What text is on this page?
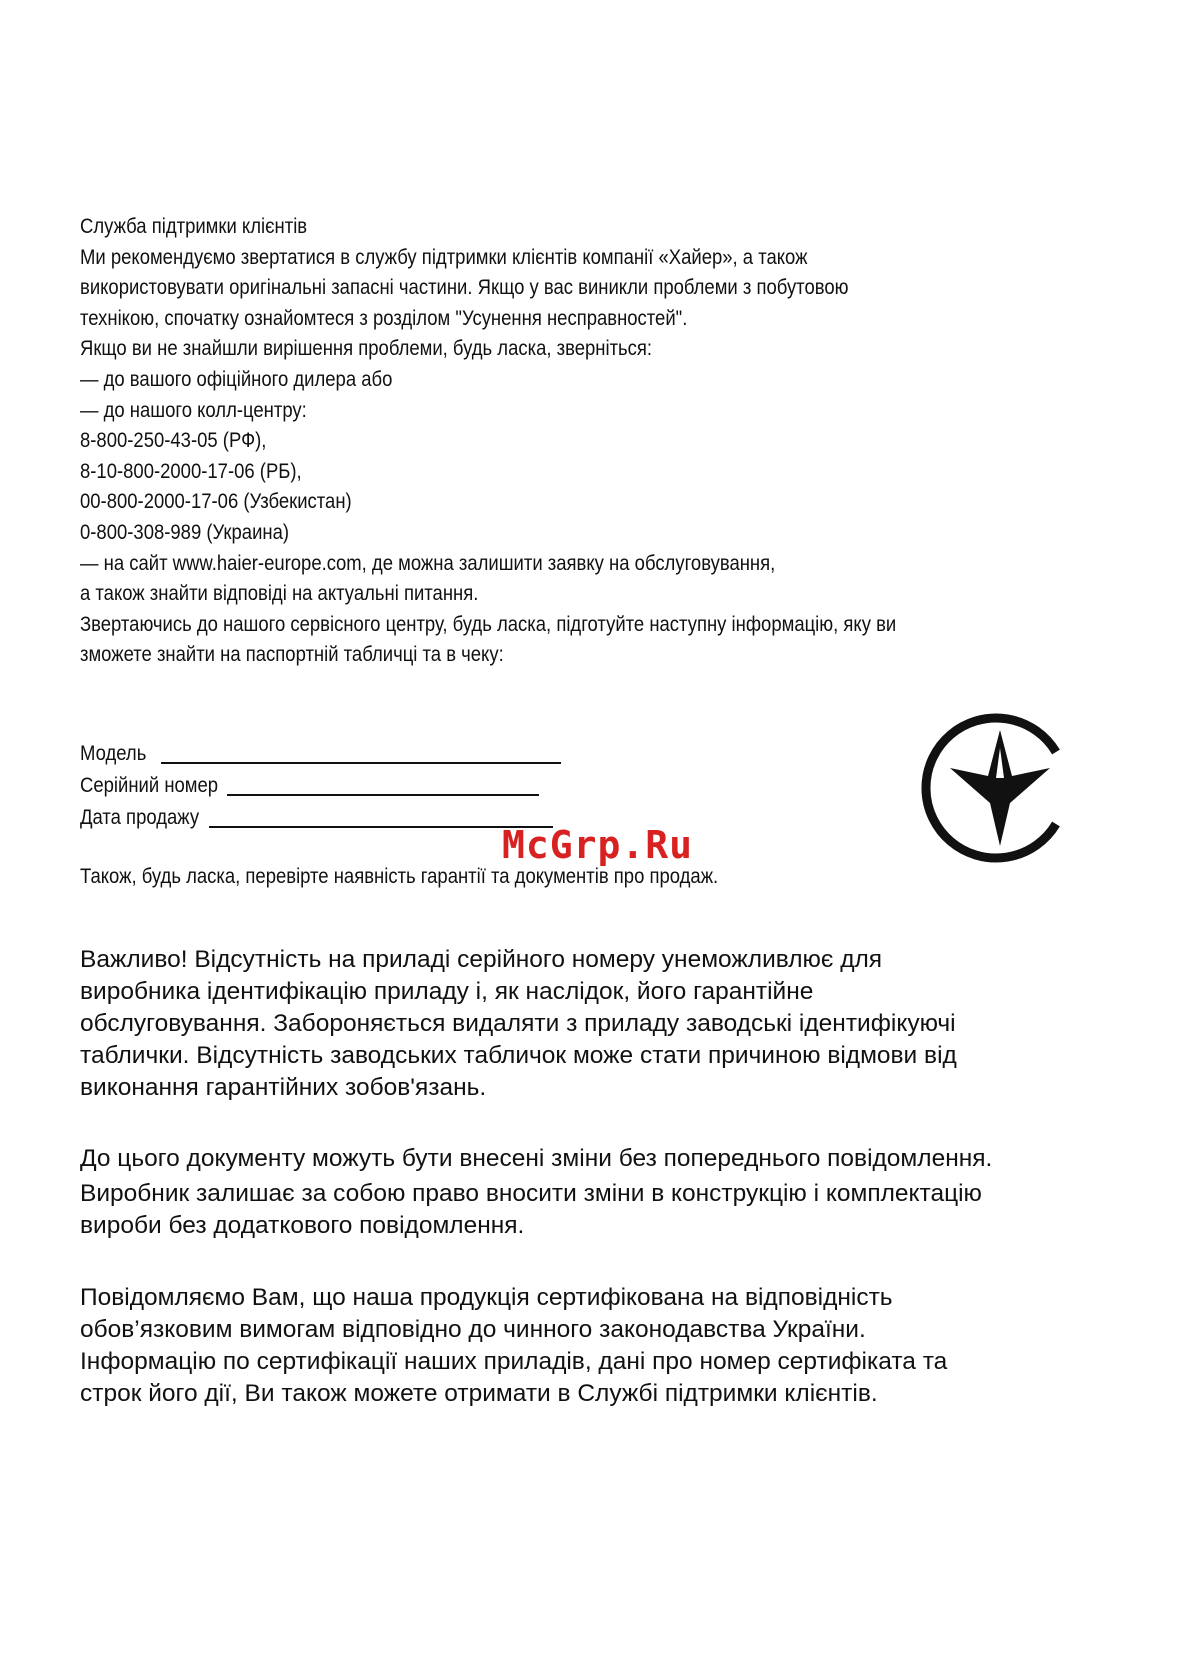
Служба підтримки клієнтів
Ми рекомендуємо звертатися в службу підтримки клієнтів компанії «Хайер», а також
використовувати оригінальні запасні частини. Якщо у вас виникли проблеми з побутовою
технікою, спочатку ознайомтеся з розділом "Усунення несправностей".
Якщо ви не знайшли вирішення проблеми, будь ласка, зверніться:
— до вашого офіційного дилера або
— до нашого колл-центру:
8-800-250-43-05 (РФ),
8-10-800-2000-17-06 (РБ),
00-800-2000-17-06 (Узбекистан)
0-800-308-989 (Украина)
— на сайт www.haier-europe.com, де можна залишити заявку на обслуговування,
а також знайти відповіді на актуальні питання.
Звертаючись до нашого сервісного центру, будь ласка, підготуйте наступну інформацію, яку ви
зможете знайти на паспортній табличці та в чеку:
Модель
Серійний номер
Дата продажу
Також, будь ласка, перевірте наявність гарантії та документів про продаж.
McGrp.Ru
Важливо! Відсутність на приладі серійного номеру унеможливлює для
виробника ідентифікацію приладу і, як наслідок, його гарантійне
обслуговування. Забороняється видаляти з приладу заводські ідентифікуючі
таблички. Відсутність заводських табличок може стати причиною відмови від
виконання гарантійних зобов'язань.
До цього документу можуть бути внесені зміни без попереднього повідомлення.
Виробник залишає за собою право вносити зміни в конструкцію і комплектацію
вироби без додаткового повідомлення.
Повідомляємо Вам, що наша продукція сертифікована на відповідність
обов’язковим вимогам відповідно до чинного законодавства України.
Інформацію по сертифікації наших приладів, дані про номер сертифіката та
строк його дії, Ви також можете отримати в Службі підтримки клієнтів.
